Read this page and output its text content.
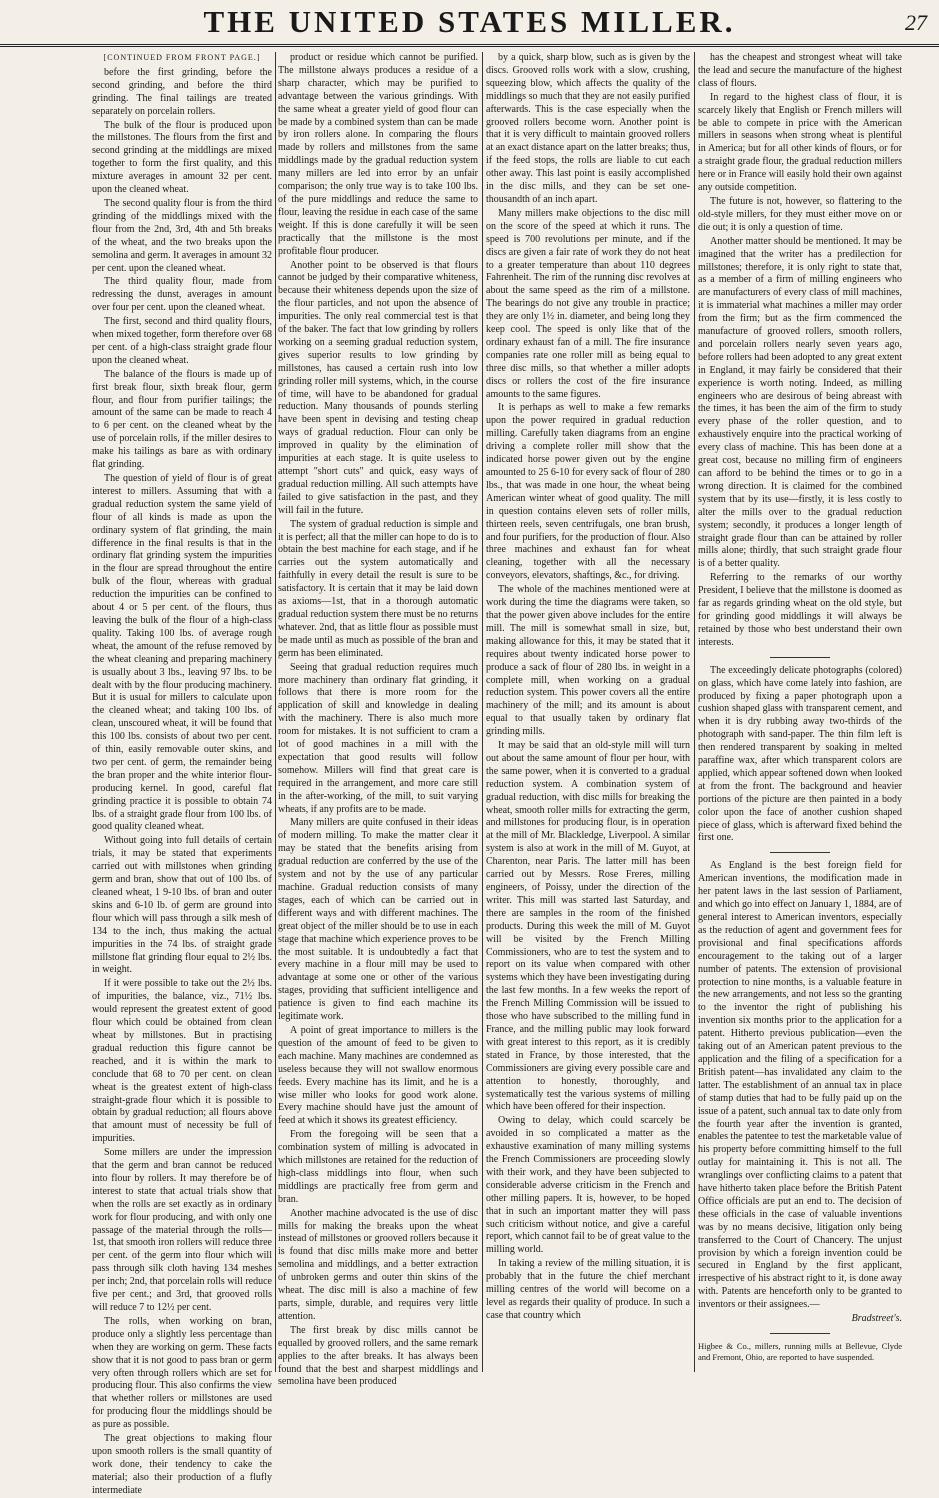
THE UNITED STATES MILLER.	27
[CONTINUED FROM FRONT PAGE.]

before the first grinding, before the second grinding, and before the third grinding. The final tailings are treated separately on porcelain rollers.

The bulk of the flour is produced upon the millstones. The flours from the first and second grinding at the middlings are mixed together to form the first quality, and this mixture averages in amount 32 per cent. upon the cleaned wheat.

The second quality flour is from the third grinding of the middlings mixed with the flour from the 2nd, 3rd, 4th and 5th breaks of the wheat, and the two breaks upon the semolina and germ. It averages in amount 32 per cent. upon the cleaned wheat.

The third quality flour, made from redressing the dunst, averages in amount over four per cent. upon the cleaned wheat.

The first, second and third quality flours, when mixed together, form therefore over 68 per cent. of a high-class straight grade flour upon the cleaned wheat.

The balance of the flours is made up of first break flour, sixth break flour, germ flour, and flour from purifier tailings; the amount of the same can be made to reach 4 to 6 per cent. on the cleaned wheat by the use of porcelain rolls, if the miller desires to make his tailings as bare as with ordinary flat grinding.

The question of yield of flour is of great interest to millers. Assuming that with a gradual reduction system the same yield of flour of all kinds is made as upon the ordinary system of flat grinding, the main difference in the final results is that in the ordinary flat grinding system the impurities in the flour are spread throughout the entire bulk of the flour, whereas with gradual reduction the impurities can be confined to about 4 or 5 per cent. of the flours, thus leaving the bulk of the flour of a high-class quality. Taking 100 lbs. of average rough wheat, the amount of the refuse removed by the wheat cleaning and preparing machinery is usually about 3 lbs., leaving 97 lbs. to be dealt with by the flour producing machinery. But it is usual for millers to calculate upon the cleaned wheat; and taking 100 lbs. of clean, unscoured wheat, it will be found that this 100 lbs. consists of about two per cent. of thin, easily removable outer skins, and two per cent. of germ, the remainder being the bran proper and the white interior flour-producing kernel. In good, careful flat grinding practice it is possible to obtain 74 lbs. of a straight grade flour from 100 lbs. of good quality cleaned wheat.

Without going into full details of certain trials, it may be stated that experiments carried out with millstones when grinding germ and bran, show that out of 100 lbs. of cleaned wheat, 1 9-10 lbs. of bran and outer skins and 6-10 lb. of germ are ground into flour which will pass through a silk mesh of 134 to the inch, thus making the actual impurities in the 74 lbs. of straight grade millstone flat grinding flour equal to 2½ lbs. in weight.

If it were possible to take out the 2½ lbs. of impurities, the balance, viz., 71½ lbs. would represent the greatest extent of good flour which could be obtained from clean wheat by millstones. But in practising gradual reduction this figure cannot be reached, and it is within the mark to conclude that 68 to 70 per cent. on clean wheat is the greatest extent of high-class straight-grade flour which it is possible to obtain by gradual reduction; all flours above that amount must of necessity be full of impurities.

Some millers are under the impression that the germ and bran cannot be reduced into flour by rollers. It may therefore be of interest to state that actual trials show that when the rolls are set exactly as in ordinary work for flour producing, and with only one passage of the material through the rolls—1st, that smooth iron rollers will reduce three per cent. of the germ into flour which will pass through silk cloth having 134 meshes per inch; 2nd, that porcelain rolls will reduce five per cent.; and 3rd, that grooved rolls will reduce 7 to 12½ per cent.

The rolls, when working on bran, produce only a slightly less percentage than when they are working on germ. These facts show that it is not good to pass bran or germ very often through rollers which are set for producing flour. This also confirms the view that whether rollers or millstones are used for producing flour the middlings should be as pure as possible.

The great objections to making flour upon smooth rollers is the small quantity of work done, their tendency to cake the material; also their production of a flufly intermediate

product or residue which cannot be purified. The millstone always produces a residue of a sharp character, which may be purified to advantage between the various grindings. With the same wheat a greater yield of good flour can be made by a combined system than can be made by iron rollers alone. In comparing the flours made by rollers and millstones from the same middlings made by the gradual reduction system many millers are led into error by an unfair comparison; the only true way is to take 100 lbs. of the pure middlings and reduce the same to flour, leaving the residue in each case of the same weight. If this is done carefully it will be seen practically that the millstone is the most profitable flour producer.

Another point to be observed is that flours cannot be judged by their comparative whiteness, because their whiteness depends upon the size of the flour particles, and not upon the absence of impurities. The only real commercial test is that of the baker. The fact that low grinding by rollers working on a seeming gradual reduction system, gives superior results to low grinding by millstones, has caused a certain rush into low grinding roller mill systems, which, in the course of time, will have to be abandoned for gradual reduction. Many thousands of pounds sterling have been spent in devising and testing cheap ways of gradual reduction. Flour can only be improved in quality by the elimination of impurities at each stage. It is quite useless to attempt "short cuts" and quick, easy ways of gradual reduction milling. All such attempts have failed to give satisfaction in the past, and they will fail in the future.

The system of gradual reduction is simple and it is perfect; all that the miller can hope to do is to obtain the best machine for each stage, and if he carries out the system automatically and faithfully in every detail the result is sure to be satisfactory. It is certain that it may be laid down as axioms—1st, that in a thorough automatic gradual reduction system there must be no returns whatever. 2nd, that as little flour as possible must be made until as much as possible of the bran and germ has been eliminated.

Seeing that gradual reduction requires much more machinery than ordinary flat grinding, it follows that there is more room for the application of skill and knowledge in dealing with the machinery. There is also much more room for mistakes. It is not sufficient to cram a lot of good machines in a mill with the expectation that good results will follow somehow. Millers will find that great care is required in the arrangement, and more care still in the after-working, of the mill, to suit varying wheats, if any profits are to be made.

Many millers are quite confused in their ideas of modern milling. To make the matter clear it may be stated that the benefits arising from gradual reduction are conferred by the use of the system and not by the use of any particular machine. Gradual reduction consists of many stages, each of which can be carried out in different ways and with different machines. The great object of the miller should be to use in each stage that machine which experience proves to be the most suitable. It is undoubtedly a fact that every machine in a flour mill may be used to advantage at some one or other of the various stages, providing that sufficient intelligence and patience is given to find each machine its legitimate work.

A point of great importance to millers is the question of the amount of feed to be given to each machine. Many machines are condemned as useless because they will not swallow enormous feeds. Every machine has its limit, and he is a wise miller who looks for good work alone. Every machine should have just the amount of feed at which it shows its greatest efficiency.

From the foregoing will be seen that a combination system of milling is advocated in which millstones are retained for the reduction of high-class middlings into flour, when such middlings are practically free from germ and bran.

Another machine advocated is the use of disc mills for making the breaks upon the wheat instead of millstones or grooved rollers because it is found that disc mills make more and better semolina and middlings, and a better extraction of unbroken germs and outer thin skins of the wheat. The disc mill is also a machine of few parts, simple, durable, and requires very little attention.

The first break by disc mills cannot be equalled by grooved rollers, and the same remark applies to the after breaks. It has always been found that the best and sharpest middlings and semolina have been produced

by a quick, sharp blow, such as is given by the discs. Grooved rolls work with a slow, crushing, squeezing blow, which affects the quality of the middlings so much that they are not easily purified afterwards. This is the case especially when the grooved rollers become worn. Another point is that it is very difficult to maintain grooved rollers at an exact distance apart on the latter breaks; thus, if the feed stops, the rolls are liable to cut each other away. This last point is easily accomplished in the disc mills, and they can be set one-thousandth of an inch apart.

Many millers make objections to the disc mill on the score of the speed at which it runs. The speed is 700 revolutions per minute, and if the discs are given a fair rate of work they do not heat to a greater temperature than about 110 degrees Fahrenheit. The rim of the running disc revolves at about the same speed as the rim of a millstone. The bearings do not give any trouble in practice; they are only 1½ in. diameter, and being long they keep cool. The speed is only like that of the ordinary exhaust fan of a mill. The fire insurance companies rate one roller mill as being equal to three disc mills, so that whether a miller adopts discs or rollers the cost of the fire insurance amounts to the same figures.

It is perhaps as well to make a few remarks upon the power required in gradual reduction milling. Carefully taken diagrams from an engine driving a complete roller mill show that the indicated horse power given out by the engine amounted to 25 6-10 for every sack of flour of 280 lbs., that was made in one hour, the wheat being American winter wheat of good quality. The mill in question contains eleven sets of roller mills, thirteen reels, seven centrifugals, one bran brush, and four purifiers, for the production of flour. Also three machines and exhaust fan for wheat cleaning, together with all the necessary conveyors, elevators, shaftings, &c., for driving.

The whole of the machines mentioned were at work during the time the diagrams were taken, so that the power given above includes for the entire mill. The mill is somewhat small in size, but, making allowance for this, it may be stated that it requires about twenty indicated horse power to produce a sack of flour of 280 lbs. in weight in a complete mill, when working on a gradual reduction system. This power covers all the entire machinery of the mill; and its amount is about equal to that usually taken by ordinary flat grinding mills.

It may be said that an old-style mill will turn out about the same amount of flour per hour, with the same power, when it is converted to a gradual reduction system. A combination system of gradual reduction, with disc mills for breaking the wheat, smooth roller mills for extracting the germ, and millstones for producing flour, is in operation at the mill of Mr. Blackledge, Liverpool. A similar system is also at work in the mill of M. Guyot, at Charenton, near Paris. The latter mill has been carried out by Messrs. Rose Freres, milling engineers, of Poissy, under the direction of the writer. This mill was started last Saturday, and there are samples in the room of the finished products. During this week the mill of M. Guyot will be visited by the French Milling Commissioners, who are to test the system and to report on its value when compared with other systems which they have been investigating during the last few months. In a few weeks the report of the French Milling Commission will be issued to those who have subscribed to the milling fund in France, and the milling public may look forward with great interest to this report, as it is credibly stated in France, by those interested, that the Commissioners are giving every possible care and attention to honestly, thoroughly, and systematically test the various systems of milling which have been offered for their inspection.

Owing to delay, which could scarcely be avoided in so complicated a matter as the exhaustive examination of many milling systems the French Commissioners are proceeding slowly with their work, and they have been subjected to considerable adverse criticism in the French and other milling papers. It is, however, to be hoped that in such an important matter they will pass such criticism without notice, and give a careful report, which cannot fail to be of great value to the milling world.

In taking a review of the milling situation, it is probably that in the future the chief merchant milling centres of the world will become on a level as regards their quality of produce. In such a case that country which

has the cheapest and strongest wheat will take the lead and secure the manufacture of the highest class of flours.

In regard to the highest class of flour, it is scarcely likely that English or French millers will be able to compete in price with the American millers in seasons when strong wheat is plentiful in America; but for all other kinds of flours, or for a straight grade flour, the gradual reduction millers here or in France will easily hold their own against any outside competition.

The future is not, however, so flattering to the old-style millers, for they must either move on or die out; it is only a question of time.

Another matter should be mentioned. It may be imagined that the writer has a predilection for millstones; therefore, it is only right to state that, as a member of a firm of milling engineers who are manufacturers of every class of mill machines, it is immaterial what machines a miller may order from the firm; but as the firm commenced the manufacture of grooved rollers, smooth rollers, and porcelain rollers nearly seven years ago, before rollers had been adopted to any great extent in England, it may fairly be considered that their experience is worth noting. Indeed, as milling engineers who are desirous of being abreast with the times, it has been the aim of the firm to study every phase of the roller question, and to exhaustively enquire into the practical working of every class of machine. This has been done at a great cost, because no milling firm of engineers can afford to be behind the times or to go in a wrong direction. It is claimed for the combined system that by its use—firstly, it is less costly to alter the mills over to the gradual reduction system; secondly, it produces a longer length of straight grade flour than can be attained by roller mills alone; thirdly, that such straight grade flour is of a better quality.

Referring to the remarks of our worthy President, I believe that the millstone is doomed as far as regards grinding wheat on the old style, but for grinding good middlings it will always be retained by those who best understand their own interests.

The exceedingly delicate photographs (colored) on glass, which have come lately into fashion, are produced by fixing a paper photograph upon a cushion shaped glass with transparent cement, and when it is dry rubbing away two-thirds of the photograph with sand-paper. The thin film left is then rendered transparent by soaking in melted paraffine wax, after which transparent colors are applied, which appear softened down when looked at from the front. The background and heavier portions of the picture are then painted in a body color upon the face of another cushion shaped piece of glass, which is afterward fixed behind the first one.

As England is the best foreign field for American inventions, the modification made in her patent laws in the last session of Parliament, and which go into effect on January 1, 1884, are of general interest to American inventors, especially as the reduction of agent and government fees for provisional and final specifications affords encouragement to the taking out of a larger number of patents. The extension of provisional protection to nine months, is a valuable feature in the new arrangements, and not less so the granting to the inventor the right of publishing his invention six months prior to the application for a patent. Hitherto previous publication—even the taking out of an American patent previous to the application and the filing of a specification for a British patent—has invalidated any claim to the latter. The establishment of an annual tax in place of stamp duties that had to be fully paid up on the issue of a patent, such annual tax to date only from the fourth year after the invention is granted, enables the patentee to test the marketable value of his property before committing himself to the full outlay for maintaining it. This is not all. The wranglings over conflicting claims to a patent that have hitherto taken place before the British Patent Office officials are put an end to. The decision of these officials in the case of valuable inventions was by no means decisive, litigation only being transferred to the Court of Chancery. The unjust provision by which a foreign invention could be secured in England by the first applicant, irrespective of his abstract right to it, is done away with. Patents are henceforth only to be granted to inventors or their assignees.—

Bradstreet's.
Higbee & Co., millers, running mills at Bellevue, Clyde and Fremont, Ohio, are reported to have suspended.
